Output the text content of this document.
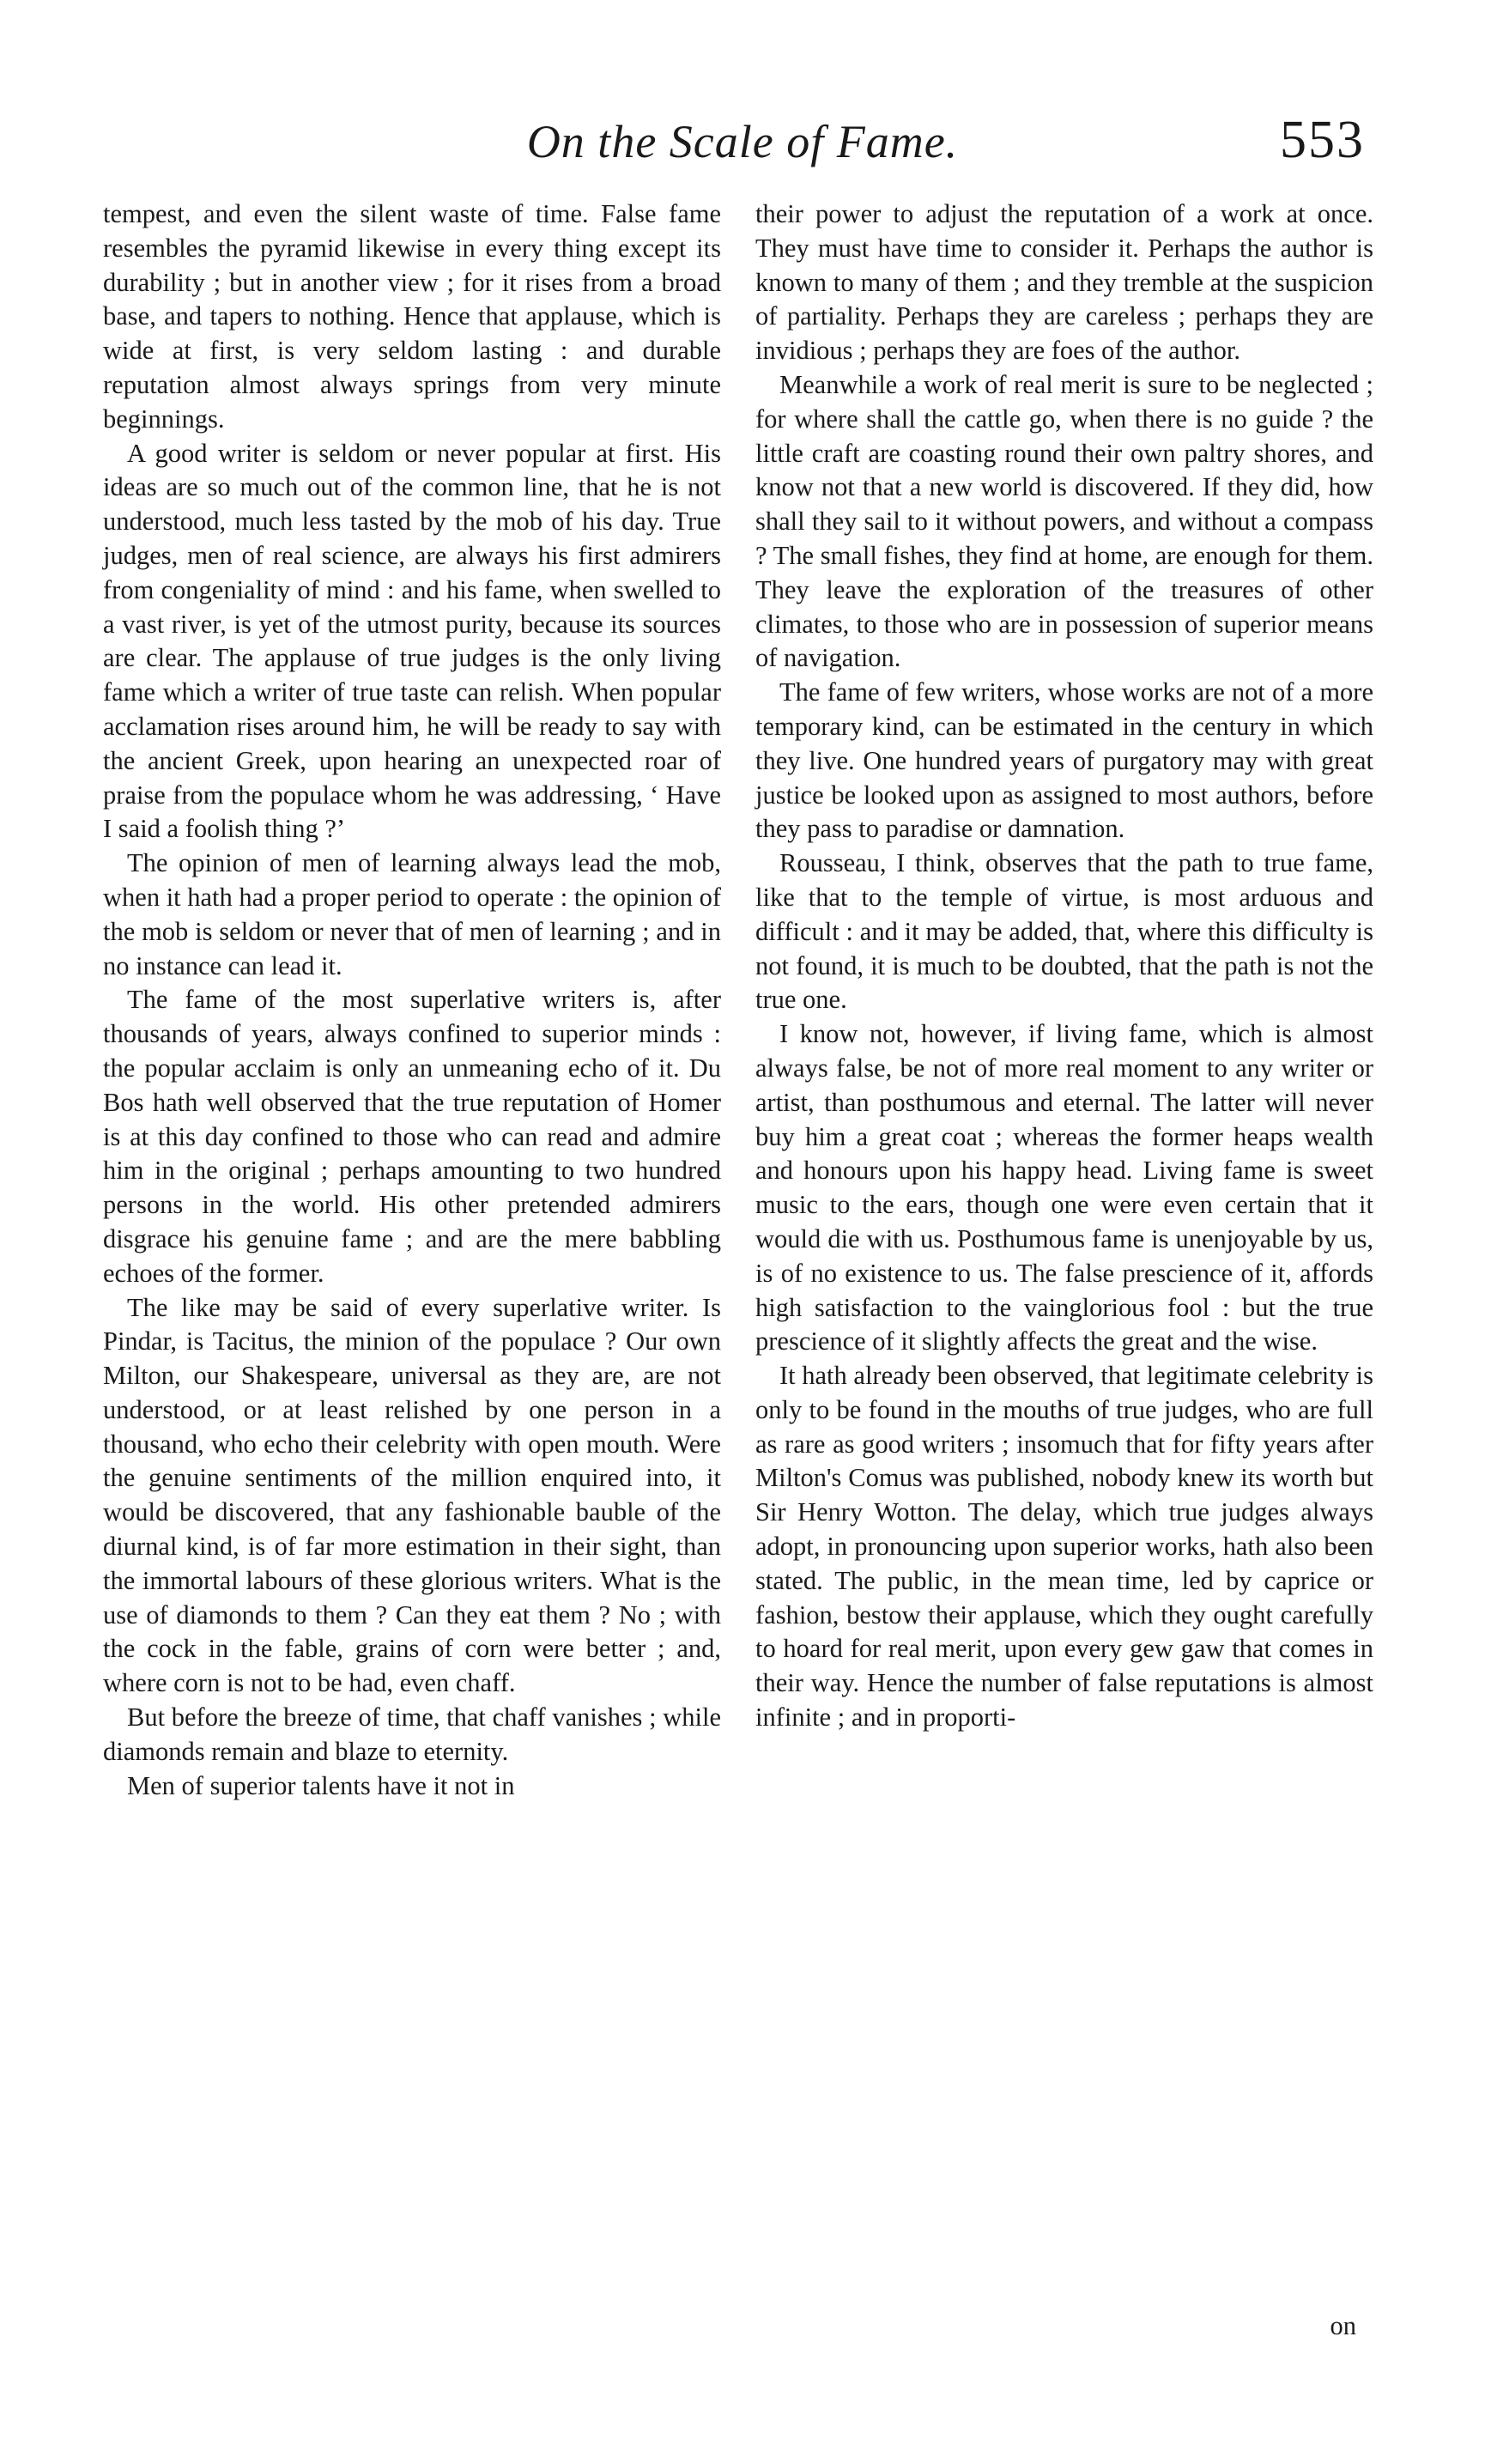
On the Scale of Fame.	553

tempest, and even the silent waste of time. False fame resembles the pyramid likewise in every thing except its durability ; but in another view ; for it rises from a broad base, and tapers to nothing. Hence that applause, which is wide at first, is very seldom lasting : and durable reputation almost always springs from very minute beginnings.

A good writer is seldom or never popular at first. His ideas are so much out of the common line, that he is not understood, much less tasted by the mob of his day. True judges, men of real science, are always his first admirers from congeniality of mind : and his fame, when swelled to a vast river, is yet of the utmost purity, because its sources are clear. The applause of true judges is the only living fame which a writer of true taste can relish. When popular acclamation rises around him, he will be ready to say with the ancient Greek, upon hearing an unexpected roar of praise from the populace whom he was addressing, ‘ Have I said a foolish thing ?’

The opinion of men of learning always lead the mob, when it hath had a proper period to operate : the opinion of the mob is seldom or never that of men of learning ; and in no instance can lead it.

The fame of the most superlative writers is, after thousands of years, always confined to superior minds : the popular acclaim is only an unmeaning echo of it. Du Bos hath well observed that the true reputation of Homer is at this day confined to those who can read and admire him in the original ; perhaps amounting to two hundred persons in the world. His other pretended admirers disgrace his genuine fame ; and are the mere babbling echoes of the former.

The like may be said of every superlative writer. Is Pindar, is Tacitus, the minion of the populace ? Our own Milton, our Shakespeare, universal as they are, are not understood, or at least relished by one person in a thousand, who echo their celebrity with open mouth. Were the genuine sentiments of the million enquired into, it would be discovered, that any fashionable bauble of the diurnal kind, is of far more estimation in their sight, than the immortal labours of these glorious writers. What is the use of diamonds to them ? Can they eat them ? No ; with the cock in the fable, grains of corn were better ; and, where corn is not to be had, even chaff.

But before the breeze of time, that chaff vanishes ; while diamonds remain and blaze to eternity.

Men of superior talents have it not in

their power to adjust the reputation of a work at once. They must have time to consider it. Perhaps the author is known to many of them ; and they tremble at the suspicion of partiality. Perhaps they are careless ; perhaps they are invidious ; perhaps they are foes of the author.

Meanwhile a work of real merit is sure to be neglected ; for where shall the cattle go, when there is no guide ? the little craft are coasting round their own paltry shores, and know not that a new world is discovered. If they did, how shall they sail to it without powers, and without a compass ? The small fishes, they find at home, are enough for them. They leave the exploration of the treasures of other climates, to those who are in possession of superior means of navigation.

The fame of few writers, whose works are not of a more temporary kind, can be estimated in the century in which they live. One hundred years of purgatory may with great justice be looked upon as assigned to most authors, before they pass to paradise or damnation.

Rousseau, I think, observes that the path to true fame, like that to the temple of virtue, is most arduous and difficult : and it may be added, that, where this difficulty is not found, it is much to be doubted, that the path is not the true one.

I know not, however, if living fame, which is almost always false, be not of more real moment to any writer or artist, than posthumous and eternal. The latter will never buy him a great coat ; whereas the former heaps wealth and honours upon his happy head. Living fame is sweet music to the ears, though one were even certain that it would die with us. Posthumous fame is unenjoyable by us, is of no existence to us. The false prescience of it, affords high satisfaction to the vainglorious fool : but the true prescience of it slightly affects the great and the wise.

It hath already been observed, that legitimate celebrity is only to be found in the mouths of true judges, who are full as rare as good writers ; insomuch that for fifty years after Milton's Comus was published, nobody knew its worth but Sir Henry Wotton. The delay, which true judges always adopt, in pronouncing upon superior works, hath also been stated. The public, in the mean time, led by caprice or fashion, bestow their applause, which they ought carefully to hoard for real merit, upon every gew gaw that comes in their way. Hence the number of false reputations is almost infinite ; and in proporti-

on
